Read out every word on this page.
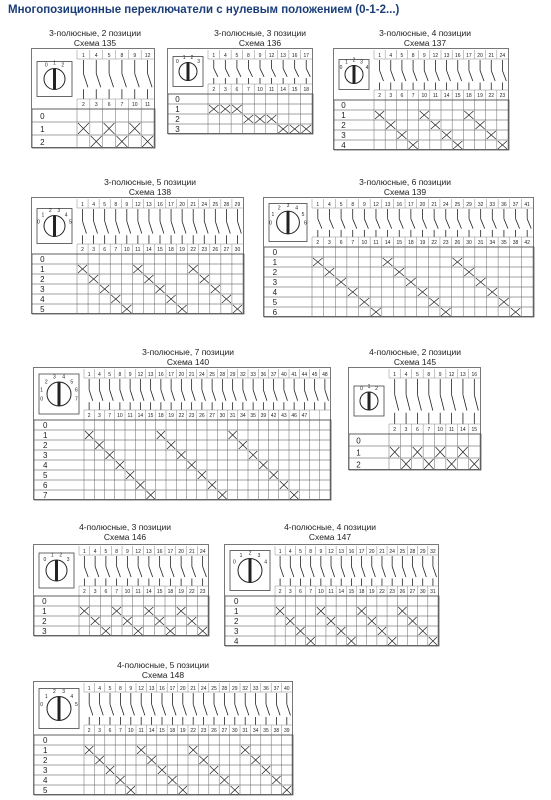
Многопозиционные переключатели с нулевым положением (0-1-2...)
3-полюсные, 2 позиции
Схема 135
0 1 2
1
2
4
3
5
6
8
7
9
10
12
11
0
1
2
3-полюсные, 3 позиции
Схема 136
0
1 2
3
1
2
4
3
5
6
8
7
9
10
12
11
13
14
16
15
17
18
0
1
2
3
3-полюсные, 4 позиции
Схема 137
0
1 2 3
4
1
2
4
3
5
6
8
7
9
10
12
11
13
14
16
15
17
18
20
19
21
22
24
23
0
1
2
3
4
3-полюсные, 5 позиции
Схема 138
0
1
2 3
4
5
1
2
4
3
5
6
8
7
9
10
12
11
13
14
16
15
17
18
20
19
21
22
24
23
25
26
28
27
29
30
0
1
2
3
4
5
3-полюсные, 6 позиции
Схема 139
0
1
2 3 4
5
6
1
2
4
3
5
6
8
7
9
10
12
11
13
14
16
15
17
18
20
19
21
22
24
23
25
26
29
30
32
31
33
34
36
35
37
38
41
42
0
1
2
3
4
5
6
3-полюсные, 7 позиции
Схема 140
0
1
2
3 4
5
6
7
1
2
4
3
5
7
8
10
9
11
12
14
13
15
16
18
17
19
20
22
21
23
24
26
25
27
28
30
29
31
32
34
33
35
36
39
37
42
40
43
41
46
44
47
45 48
0
1
2
3
4
5
6
7
4-полюсные, 2 позиции
Схема 145
0 1 2
1
2
4
3
5
6
8
7
9
10
12
11
13
14
16
15
0
1
2
4-полюсные, 3 позиции
Схема 146
0
1 2
3
1
2
4
3
5
6
8
7
9
10
12
11
13
14
16
15
17
18
20
19
21
22
24
23
0
1
2
3
4-полюсные, 4 позиции
Схема 147
0
1 2 3
4
1
2
4
3
5
6
8
7
9
10
12
11
13
14
16
15
17
18
20
19
21
22
24
23
25
26
28
27
29
30
32
31
0
1
2
3
4
4-полюсные, 5 позиции
Схема 148
0
1
2 3
4
5
1
2
4
3
5
6
8
7
9
10
12
11
13
14
16
15
17
18
20
19
21
22
24
23
25
26
28
27
29
30
32
31
33
34
36
35
37
38
40
39
0
1
2
3
4
5
